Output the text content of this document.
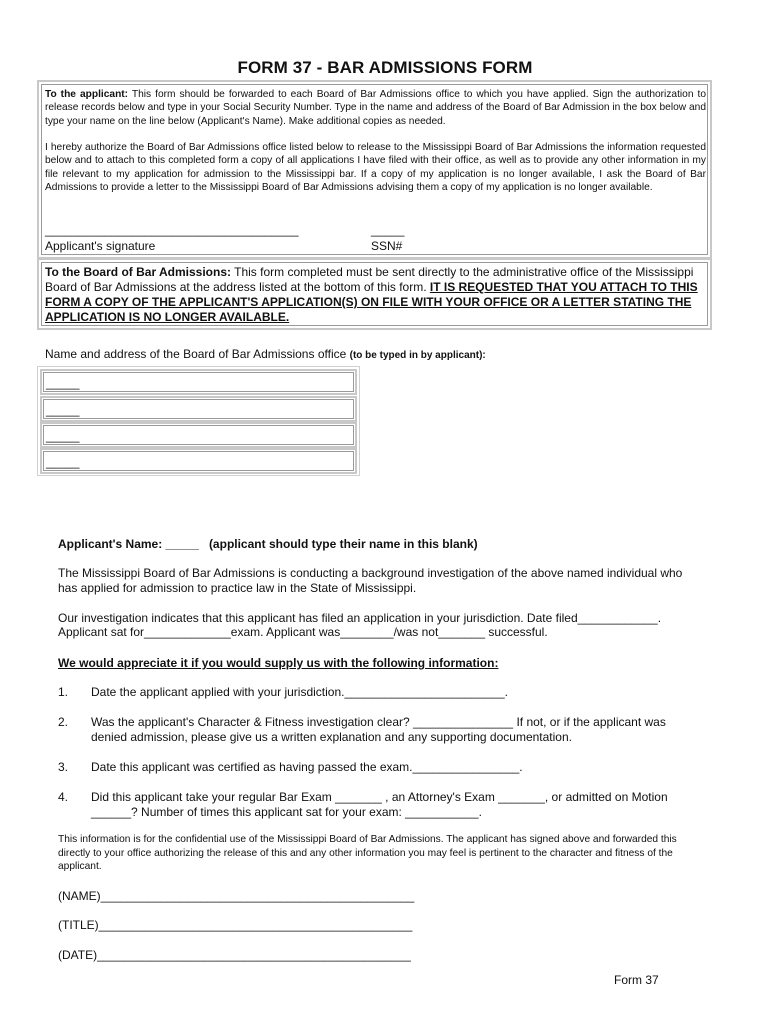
FORM 37 - BAR ADMISSIONS FORM
To the applicant: This form should be forwarded to each Board of Bar Admissions office to which you have applied. Sign the authorization to release records below and type in your Social Security Number. Type in the name and address of the Board of Bar Admission in the box below and type your name on the line below (Applicant's Name). Make additional copies as needed.
I hereby authorize the Board of Bar Admissions office listed below to release to the Mississippi Board of Bar Admissions the information requested below and to attach to this completed form a copy of all applications I have filed with their office, as well as to provide any other information in my file relevant to my application for admission to the Mississippi bar. If a copy of my application is no longer available, I ask the Board of Bar Admissions to provide a letter to the Mississippi Board of Bar Admissions advising them a copy of my application is no longer available.
______________________________________
Applicant's signature
_____
SSN#
To the Board of Bar Admissions: This form completed must be sent directly to the administrative office of the Mississippi Board of Bar Admissions at the address listed at the bottom of this form. IT IS REQUESTED THAT YOU ATTACH TO THIS FORM A COPY OF THE APPLICANT'S APPLICATION(S) ON FILE WITH YOUR OFFICE OR A LETTER STATING THE APPLICATION IS NO LONGER AVAILABLE.
Name and address of the Board of Bar Admissions office (to be typed in by applicant):
_____
_____
_____
_____
Applicant's Name: _____ (applicant should type their name in this blank)
The Mississippi Board of Bar Admissions is conducting a background investigation of the above named individual who has applied for admission to practice law in the State of Mississippi.
Our investigation indicates that this applicant has filed an application in your jurisdiction. Date filed____________.
Applicant sat for_____________exam. Applicant was________/was not_______ successful.
We would appreciate it if you would supply us with the following information:
1. Date the applicant applied with your jurisdiction.________________________.
2. Was the applicant's Character & Fitness investigation clear? _______________ If not, or if the applicant was denied admission, please give us a written explanation and any supporting documentation.
3. Date this applicant was certified as having passed the exam.________________.
4. Did this applicant take your regular Bar Exam _______ , an Attorney's Exam _______, or admitted on Motion ______? Number of times this applicant sat for your exam: ___________.
This information is for the confidential use of the Mississippi Board of Bar Admissions. The applicant has signed above and forwarded this directly to your office authorizing the release of this and any other information you may feel is pertinent to the character and fitness of the applicant.
(NAME)_______________________________________________
(TITLE)_______________________________________________
(DATE)_______________________________________________
Form 37
